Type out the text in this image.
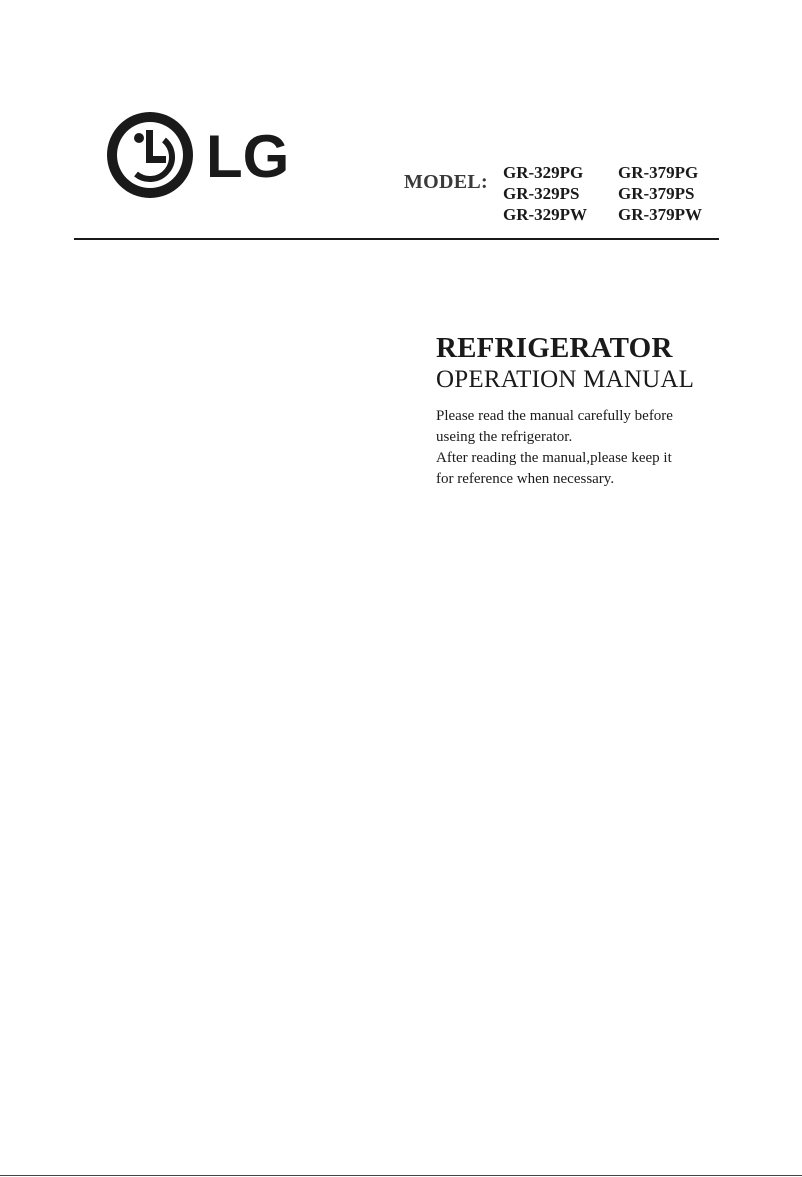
LG	MODEL: GR-329PG	GR-379PG
GR-329PS	GR-379PS
GR-329PW	GR-379PW
REFRIGERATOR
OPERATION MANUAL
Please read the manual carefully before
useing the refrigerator.
After reading the manual,please keep it
for reference when necessary.
